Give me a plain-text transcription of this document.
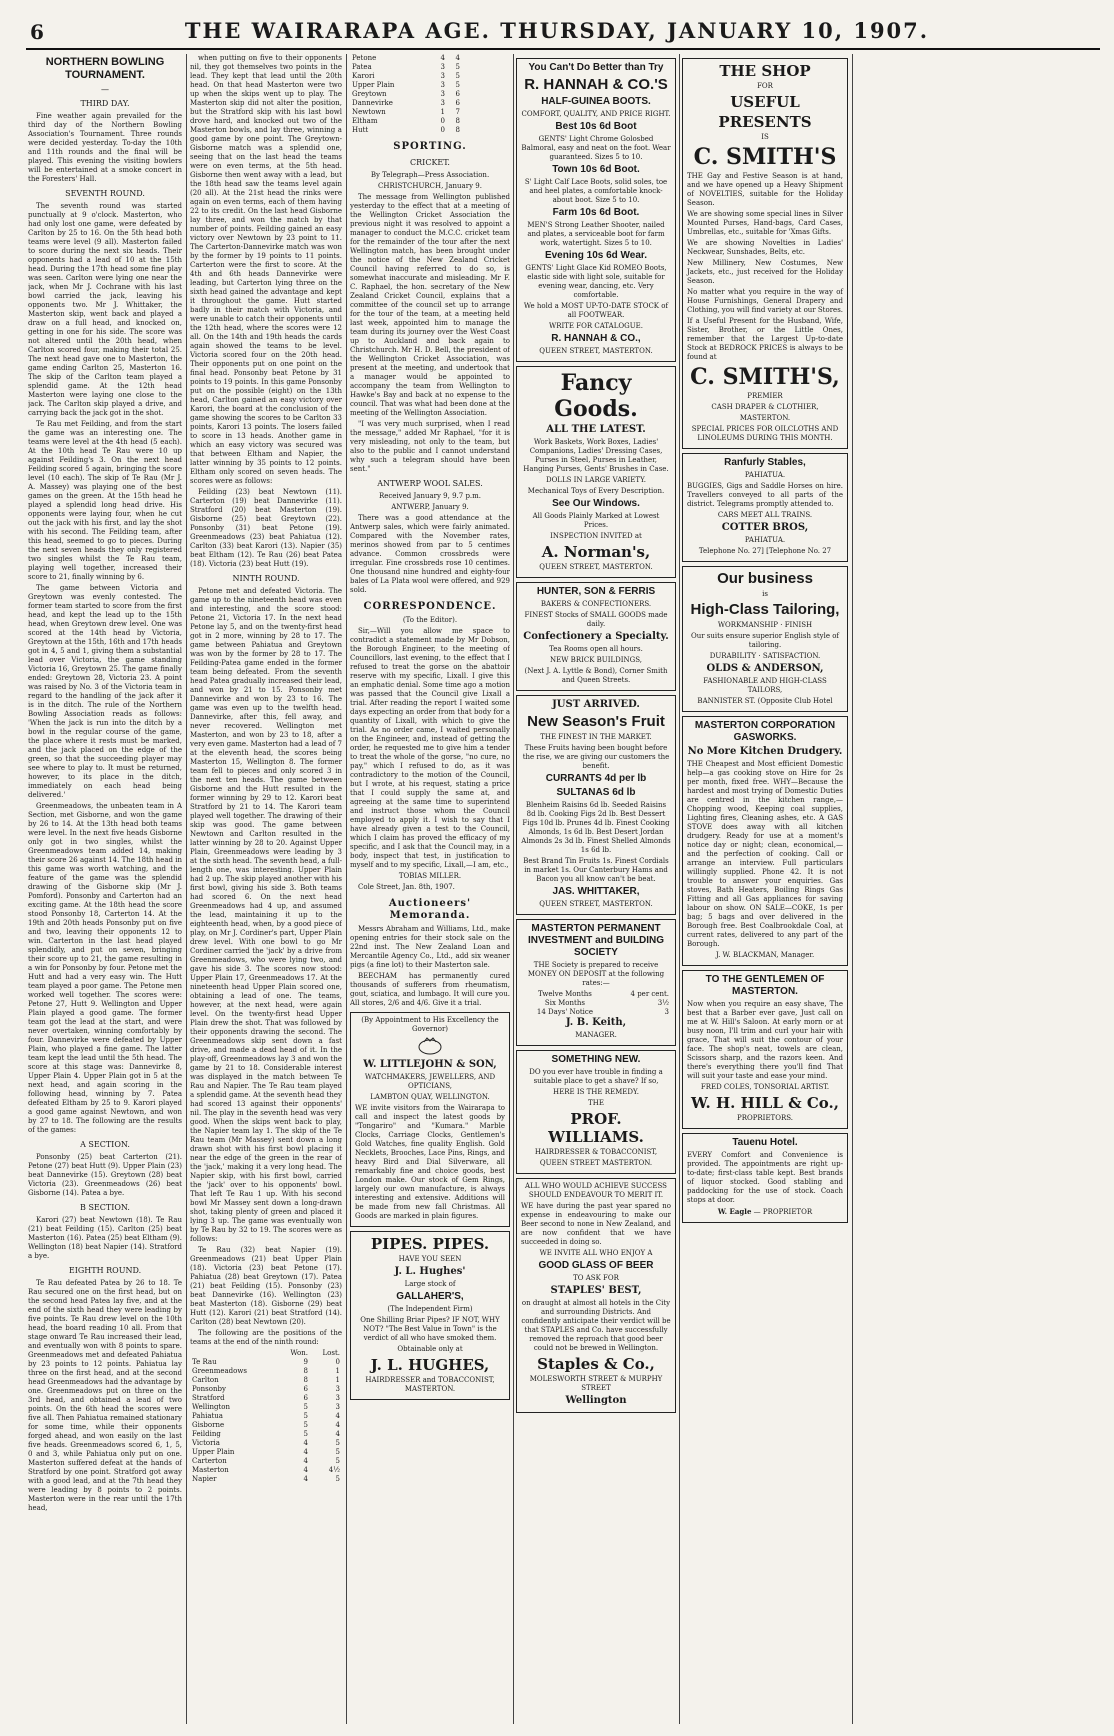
6	THE WAIRARAPA AGE. THURSDAY, JANUARY 10, 1907.
NORTHERN BOWLING
TOURNAMENT.
—
THIRD DAY.

Fine weather again prevailed for the third day of the Northern Bowling Association's Tournament. Three rounds were decided yesterday. To-day the 10th and 11th rounds and the final will be played. This evening the visiting bowlers will be entertained at a smoke concert in the Foresters' Hall.

SEVENTH ROUND.

The seventh round was started punctually at 9 o'clock. Masterton, who had only lost one game, were defeated by Carlton by 25 to 16. On the 5th head both teams were level (9 all). Masterton failed to score during the next six heads. Their opponents had a lead of 10 at the 15th head. During the 17th head some fine play was seen. Carlton were lying one near the jack, when Mr J. Cochrane with his last bowl carried the jack, leaving his opponents two. Mr J. Whittaker, the Masterton skip, went back and played a draw on a full head, and knocked on, getting in one for his side. The score was not altered until the 20th head, when Carlton scored four, making their total 25. The next head gave one to Masterton, the game ending Carlton 25, Masterton 16. The skip of the Carlton team played a splendid game. At the 12th head Masterton were laying one close to the jack. The Carlton skip played a drive, and carrying back the jack got in the shot.

Te Rau met Feilding, and from the start the game was an interesting one. The teams were level at the 4th head (5 each). At the 10th head Te Rau were 10 up against Feilding's 3. On the next head Feilding scored 5 again, bringing the score level (10 each). The skip of Te Rau (Mr J. A. Massey) was playing one of the best games on the green. At the 15th head he played a splendid long head drive. His opponents were laying four, when he cut out the jack with his first, and lay the shot with his second. The Feilding team, after this head, seemed to go to pieces. During the next seven heads they only registered two singles whilst the Te Rau team, playing well together, increased their score to 21, finally winning by 6.

The game between Victoria and Greytown was evenly contested. The former team started to score from the first head, and kept the lead up to the 15th head, when Greytown drew level. One was scored at the 14th head by Victoria, Greytown at the 15th, 16th and 17th heads got in 4, 5 and 1, giving them a substantial lead over Victoria, the game standing Victoria 16, Greytown 25. The game finally ended: Greytown 28, Victoria 23. A point was raised by No. 3 of the Victoria team in regard to the handling of the jack after it is in the ditch. The rule of the Northern Bowling Association reads as follows: 'When the jack is run into the ditch by a bowl in the regular course of the game, the place where it rests must be marked, and the jack placed on the edge of the green, so that the succeeding player may see where to play to. It must be returned, however, to its place in the ditch, immediately on each head being delivered.'

Greenmeadows, the unbeaten team in A Section, met Gisborne, and won the game by 26 to 14. At the 13th head both teams were level. In the next five heads Gisborne only got in two singles, whilst the Greenmeadows team added 14, making their score 26 against 14. The 18th head in this game was worth watching, and the feature of the game was the splendid drawing of the Gisborne skip (Mr J. Pomford). Ponsonby and Carterton had an exciting game. At the 18th head the score stood Ponsonby 18, Carterton 14. At the 19th and 20th heads Ponsonby put on five and two, leaving their opponents 12 to win. Carterton in the last head played splendidly, and put on seven, bringing their score up to 21, the game resulting in a win for Ponsonby by four. Petone met the Hutt and had a very easy win. The Hutt team played a poor game. The Petone men worked well together. The scores were: Petone 27, Hutt 9. Wellington and Upper Plain played a good game. The former team got the lead at the start, and were never overtaken, winning comfortably by four. Dannevirke were defeated by Upper Plain, who played a fine game. The latter team kept the lead until the 5th head. The score at this stage was: Dannevirke 8, Upper Plain 4. Upper Plain got in 5 at the next head, and again scoring in the following head, winning by 7. Patea defeated Eltham by 25 to 9. Karori played a good game against Newtown, and won by 27 to 18. The following are the results of the games:

A SECTION.

Ponsonby (25) beat Carterton (21). Petone (27) beat Hutt (9). Upper Plain (23) beat Dannevirke (15). Greytown (28) beat Victoria (23). Greenmeadows (26) beat Gisborne (14). Patea a bye.

B SECTION.

Karori (27) beat Newtown (18). Te Rau (21) beat Feilding (15). Carlton (25) beat Masterton (16). Patea (25) beat Eltham (9). Wellington (18) beat Napier (14). Stratford a bye.

EIGHTH ROUND.

Te Rau defeated Patea by 26 to 18. Te Rau secured one on the first head, but on the second head Patea lay five, and at the end of the sixth head they were leading by five points. Te Rau drew level on the 10th head, the board reading 10 all. From that stage onward Te Rau increased their lead, and eventually won with 8 points to spare. Greenmeadows met and defeated Pahiatua by 23 points to 12 points. Pahiatua lay three on the first head, and at the second head Greenmeadows had the advantage by one. Greenmeadows put on three on the 3rd head, and obtained a lead of two points. On the 6th head the scores were five all. Then Pahiatua remained stationary for some time, while their opponents forged ahead, and won easily on the last five heads. Greenmeadows scored 6, 1, 5, 0 and 3, while Pahiatua only put on one. Masterton suffered defeat at the hands of Stratford by one point. Stratford got away with a good lead, and at the 7th head they were leading by 8 points to 2 points. Masterton were in the rear until the 17th head,

when putting on five to their opponents nil, they got themselves two points in the lead. They kept that lead until the 20th head. On that head Masterton were two up when the skips went up to play. The Masterton skip did not alter the position, but the Stratford skip with his last bowl drove hard, and knocked out two of the Masterton bowls, and lay three, winning a good game by one point. The Greytown-Gisborne match was a splendid one, seeing that on the last head the teams were on even terms, at the 5th head. Gisborne then went away with a lead, but the 18th head saw the teams level again (20 all). At the 21st head the rinks were again on even terms, each of them having 22 to its credit. On the last head Gisborne lay three, and won the match by that number of points. Feilding gained an easy victory over Newtown by 23 point to 11. The Carterton-Dannevirke match was won by the former by 19 points to 11 points. Carterton were the first to score. At the 4th and 6th heads Dannevirke were leading, but Carterton lying three on the sixth head gained the advantage and kept it throughout the game. Hutt started badly in their match with Victoria, and were unable to catch their opponents until the 12th head, where the scores were 12 all. On the 14th and 19th heads the cards again showed the teams to be level. Victoria scored four on the 20th head. Their opponents put on one point on the final head. Ponsonby beat Petone by 31 points to 19 points. In this game Ponsonby put on the possible (eight) on the 13th head, Carlton gained an easy victory over Karori, the board at the conclusion of the game showing the scores to be Carlton 33 points, Karori 13 points. The losers failed to score in 13 heads. Another game in which an easy victory was secured was that between Eltham and Napier, the latter winning by 35 points to 12 points. Eltham only scored on seven heads. The scores were as follows:

Feilding (23) beat Newtown (11). Carterton (19) beat Dannevirke (11). Stratford (20) beat Masterton (19). Gisborne (25) beat Greytown (22). Ponsonby (31) beat Petone (19). Greenmeadows (23) beat Pahiatua (12). Carlton (33) beat Karori (13). Napier (35) beat Eltham (12). Te Rau (26) beat Patea (18). Victoria (23) beat Hutt (19).

NINTH ROUND.

Petone met and defeated Victoria. The game up to the nineteenth head was even and interesting, and the score stood: Petone 21, Victoria 17. In the next head Petone lay 5, and on the twenty-first head got in 2 more, winning by 28 to 17. The game between Pahiatua and Greytown was won by the former by 28 to 17. The Feilding-Patea game ended in the former team being defeated. From the seventh head Patea gradually increased their lead, and won by 21 to 15. Ponsonby met Dannevirke and won by 23 to 16. The game was even up to the twelfth head. Dannevirke, after this, fell away, and never recovered. Wellington met Masterton, and won by 23 to 18, after a very even game. Masterton had a lead of 7 at the eleventh head, the scores being Masterton 15, Wellington 8. The former team fell to pieces and only scored 3 in the next ten heads. The game between Gisborne and the Hutt resulted in the former winning by 29 to 12. Karori beat Stratford by 21 to 14. The Karori team played well together. The drawing of their skip was good. The game between Newtown and Carlton resulted in the latter winning by 28 to 20. Against Upper Plain, Greenmeadows were leading by 3 at the sixth head. The seventh head, a full-length one, was interesting. Upper Plain had 2 up. The skip played another with his first bowl, giving his side 3. Both teams had scored 6. On the next head Greenmeadows had 4 up, and assumed the lead, maintaining it up to the eighteenth head, when, by a good piece of play, on Mr J. Cordiner's part, Upper Plain drew level. With one bowl to go Mr Cordiner carried the 'jack' by a drive from Greenmeadows, who were lying two, and gave his side 3. The scores now stood: Upper Plain 17, Greenmeadows 17. At the nineteenth head Upper Plain scored one, obtaining a lead of one. The teams, however, at the next head, were again level. On the twenty-first head Upper Plain drew the shot. That was followed by their opponents drawing the second. The Greenmeadows skip sent down a fast drive, and made a dead head of it. In the play-off, Greenmeadows lay 3 and won the game by 21 to 18. Considerable interest was displayed in the match between Te Rau and Napier. The Te Rau team played a splendid game. At the seventh head they had scored 13 against their opponents' nil. The play in the seventh head was very good. When the skips went back to play, the Napier team lay 1. The skip of the Te Rau team (Mr Massey) sent down a long drawn shot with his first bowl placing it near the edge of the green in the rear of the 'jack,' making it a very long head. The Napier skip, with his first bowl, carried the 'jack' over to his opponents' bowl. That left Te Rau 1 up. With his second bowl Mr Massey sent down a long-drawn shot, taking plenty of green and placed it lying 3 up. The game was eventually won by Te Rau by 32 to 19. The scores were as follows:

Te Rau (32) beat Napier (19). Greenmeadows (21) beat Upper Plain (18). Victoria (23) beat Petone (17). Pahiatua (28) beat Greytown (17). Patea (21) beat Feilding (15). Ponsonby (23) beat Dannevirke (16). Wellington (23) beat Masterton (18). Gisborne (29) beat Hutt (12). Karori (21) beat Stratford (14). Carlton (28) beat Newtown (20).

The following are the positions of the teams at the end of the ninth round:

	Won.	Lost.
Te Rau	9	0
Greenmeadows	8	1
Carlton	8	1
Ponsonby	6	3
Stratford	6	3
Wellington	5	3
Pahiatua	5	4
Gisborne	5	4
Feilding	5	4
Victoria	4	5
Upper Plain	4	5
Carterton	4	5
Masterton	4	4½
Napier	4	5
Petone	4	4
Patea	3	5
Karori	3	5
Upper Plain	3	5
Greytown	3	6
Dannevirke	3	6
Newtown	1	7
Eltham	0	8
Hutt	0	8
SPORTING.
CRICKET.

By Telegraph—Press Association.

CHRISTCHURCH, January 9.

The message from Wellington published yesterday to the effect that at a meeting of the Wellington Cricket Association the previous night it was resolved to appoint a manager to conduct the M.C.C. cricket team for the remainder of the tour after the next Wellington match, has been brought under the notice of the New Zealand Cricket Council having referred to do so, is somewhat inaccurate and misleading. Mr F. C. Raphael, the hon. secretary of the New Zealand Cricket Council, explains that a committee of the council set up to arrange for the tour of the team, at a meeting held last week, appointed him to manage the team during its journey over the West Coast up to Auckland and back again to Christchurch. Mr H. D. Bell, the president of the Wellington Cricket Association, was present at the meeting, and undertook that a manager would be appointed to accompany the team from Wellington to Hawke's Bay and back at no expense to the council. That was what had been done at the meeting of the Wellington Association.

"I was very much surprised, when I read the message," added Mr Raphael, "for it is very misleading, not only to the team, but also to the public and I cannot understand why such a telegram should have been sent."

ANTWERP WOOL SALES.

Received January 9, 9.7 p.m.

ANTWERP, January 9.

There was a good attendance at the Antwerp sales, which were fairly animated. Compared with the November rates, merinos showed from par to 5 centimes advance. Common crossbreds were irregular. Fine crossbreds rose 10 centimes. One thousand nine hundred and eighty-four bales of La Plata wool were offered, and 929 sold.

CORRESPONDENCE.

(To the Editor).

Sir,—Will you allow me space to contradict a statement made by Mr Dobson, the Borough Engineer, to the meeting of Councillors, last evening, to the effect that I refused to treat the gorse on the abattoir reserve with my specific, Lixall. I give this an emphatic denial. Some time ago a motion was passed that the Council give Lixall a trial. After reading the report I waited some days expecting an order from that body for a quantity of Lixall, with which to give the trial. As no order came, I waited personally on the Engineer, and, instead of getting the order, he requested me to give him a tender to treat the whole of the gorse, "no cure, no pay," which I refused to do, as it was contradictory to the motion of the Council, but I wrote, at his request, stating a price that I could supply the same at, and agreeing at the same time to superintend and instruct those whom the Council employed to apply it. I wish to say that I have already given a test to the Council, which I claim has proved the efficacy of my specific, and I ask that the Council may, in a body, inspect that test, in justification to myself and to my specific, Lixall,—I am, etc.,

TOBIAS MILLER.

Cole Street, Jan. 8th, 1907.

Auctioneers' Memoranda.

Messrs Abraham and Williams, Ltd., make opening entries for their stock sale on the 22nd inst. The New Zealand Loan and Mercantile Agency Co., Ltd., add six weaner pigs (a fine lot) to their Masterton sale.

BEECHAM has permanently cured thousands of sufferers from rheumatism, gout, sciatica, and lumbago. It will cure you. All stores, 2/6 and 4/6. Give it a trial.

(By Appointment to His Excellency the Governor)

W. LITTLEJOHN & SON,

WATCHMAKERS, JEWELLERS, AND OPTICIANS,

LAMBTON QUAY, WELLINGTON.

WE invite visitors from the Wairarapa to call and inspect the latest goods by "Tongariro" and "Kumara." Marble Clocks, Carriage Clocks, Gentlemen's Gold Watches, fine quality English. Gold Necklets, Brooches, Lace Pins, Rings, and heavy Bird and Dial Silverware, all remarkably fine and choice goods, best London make. Our stock of Gem Rings, largely our own manufacture, is always interesting and extensive. Additions will be made from new fall Christmas. All Goods are marked in plain figures.

PIPES. PIPES.

HAVE YOU SEEN

J. L. Hughes'

Large stock of

GALLAHER'S,

(The Independent Firm)

One Shilling Briar Pipes? IF NOT, WHY NOT? "The Best Value in Town" is the verdict of all who have smoked them.

Obtainable only at

J. L. HUGHES,

HAIRDRESSER and TOBACCONIST, MASTERTON.

You Can't Do Better than Try

R. HANNAH & CO.'S

HALF-GUINEA BOOTS.

COMFORT, QUALITY, AND PRICE RIGHT.

Best 10s 6d Boot

GENTS' Light Chrome Golosbed Balmoral, easy and neat on the foot. Wear guaranteed. Sizes 5 to 10.

Town 10s 6d Boot.

S' Light Calf Lace Boots, solid soles, toe and heel plates, a comfortable knock-about boot. Size 5 to 10.

Farm 10s 6d Boot.

MEN'S Strong Leather Shooter, nailed and plates, a serviceable boot for farm work, watertight. Sizes 5 to 10.

Evening 10s 6d Wear.

GENTS' Light Glace Kid ROMEO Boots, elastic side with light sole, suitable for evening wear, dancing, etc. Very comfortable.

We hold a MOST UP-TO-DATE STOCK of all FOOTWEAR.

WRITE FOR CATALOGUE.

R. HANNAH & CO.,

QUEEN STREET, MASTERTON.

Fancy Goods.

ALL THE LATEST.

Work Baskets, Work Boxes, Ladies' Companions, Ladies' Dressing Cases, Purses in Steel, Purses in Leather, Hanging Purses, Gents' Brushes in Case.

DOLLS IN LARGE VARIETY.

Mechanical Toys of Every Description.

See Our Windows.

All Goods Plainly Marked at Lowest Prices.

INSPECTION INVITED at

A. Norman's,

QUEEN STREET, MASTERTON.

HUNTER, SON & FERRIS

BAKERS & CONFECTIONERS.

FINEST Stocks of SMALL GOODS made daily.

Confectionery a Specialty.

Tea Rooms open all hours.

NEW BRICK BUILDINGS,

(Next J. A. Lyttle & Bond), Corner Smith and Queen Streets.

JUST ARRIVED.

New Season's Fruit

THE FINEST IN THE MARKET.

These Fruits having been bought before the rise, we are giving our customers the benefit.

CURRANTS 4d per lb

SULTANAS 6d lb

Blenheim Raisins 6d lb. Seeded Raisins 8d lb. Cooking Figs 2d lb. Best Dessert Figs 10d lb. Prunes 4d lb. Finest Cooking Almonds, 1s 6d lb. Best Desert Jordan Almonds 2s 3d lb. Finest Shelled Almonds 1s 6d lb.

Best Brand Tin Fruits 1s. Finest Cordials in market 1s. Our Canterbury Hams and Bacon you all know can't be beat.

JAS. WHITTAKER,

QUEEN STREET, MASTERTON.

MASTERTON PERMANENT INVESTMENT and BUILDING SOCIETY

THE Society is prepared to receive MONEY ON DEPOSIT at the following rates:—

Twelve Months	4 per cent.
Six Months	3½
14 Days' Notice	3

J. B. Keith,

MANAGER.

SOMETHING NEW.

DO you ever have trouble in finding a suitable place to get a shave? If so,

HERE IS THE REMEDY.

THE

PROF. WILLIAMS.

HAIRDRESSER & TOBACCONIST,

QUEEN STREET MASTERTON.

ALL WHO WOULD ACHIEVE SUCCESS SHOULD ENDEAVOUR TO MERIT IT.

WE have during the past year spared no expense in endeavouring to make our Beer second to none in New Zealand, and are now confident that we have succeeded in doing so.

WE INVITE ALL WHO ENJOY A

GOOD GLASS OF BEER

TO ASK FOR

STAPLES' BEST,

on draught at almost all hotels in the City and surrounding Districts. And confidently anticipate their verdict will be that STAPLES and Co. have successfully removed the reproach that good beer could not be brewed in Wellington.

Staples & Co.,

MOLESWORTH STREET & MURPHY STREET

Wellington

THE SHOP

FOR

USEFUL

PRESENTS

IS

C. SMITH'S

THE Gay and Festive Season is at hand, and we have opened up a Heavy Shipment of NOVELTIES, suitable for the Holiday Season.

We are showing some special lines in Silver Mounted Purses, Hand-bags, Card Cases, Umbrellas, etc., suitable for 'Xmas Gifts.

We are showing Novelties in Ladies' Neckwear, Sunshades, Belts, etc.

New Millinery, New Costumes, New Jackets, etc., just received for the Holiday Season.

No matter what you require in the way of House Furnishings, General Drapery and Clothing, you will find variety at our Stores.

If a Useful Present for the Husband, Wife, Sister, Brother, or the Little Ones, remember that the Largest Up-to-date Stock at BEDROCK PRICES is always to be found at

C. SMITH'S,

PREMIER

CASH DRAPER & CLOTHIER,

MASTERTON.

SPECIAL PRICES FOR OILCLOTHS AND LINOLEUMS DURING THIS MONTH.

Ranfurly Stables,

PAHIATUA.

BUGGIES, Gigs and Saddle Horses on hire. Travellers conveyed to all parts of the district. Telegrams promptly attended to.

CARS MEET ALL TRAINS.

COTTER BROS,

PAHIATUA.

Telephone No. 27] [Telephone No. 27

Our business

is

High-Class Tailoring,

WORKMANSHIP · FINISH

Our suits ensure superior English style of tailoring.

DURABILITY · SATISFACTION.

OLDS & ANDERSON,

FASHIONABLE AND HIGH-CLASS TAILORS,

BANNISTER ST. (Opposite Club Hotel

MASTERTON CORPORATION GASWORKS.

No More Kitchen Drudgery.

THE Cheapest and Most efficient Domestic help—a gas cooking stove on Hire for 2s per month, fixed free. WHY—Because the hardest and most trying of Domestic Duties are centred in the kitchen range,—Chopping wood, Keeping coal supplies, Lighting fires, Cleaning ashes, etc. A GAS STOVE does away with all kitchen drudgery. Ready for use at a moment's notice day or night; clean, economical,—and the perfection of cooking. Call or arrange an interview. Full particulars willingly supplied. Phone 42. It is not trouble to answer your enquiries. Gas stoves, Bath Heaters, Boiling Rings Gas Fitting and all Gas appliances for saving labour on show. ON SALE—COKE, 1s per bag; 5 bags and over delivered in the Borough free. Best Coalbrookdale Coal, at current rates, delivered to any part of the Borough.

J. W. BLACKMAN, Manager.

TO THE GENTLEMEN OF MASTERTON.

Now when you require an easy shave, The best that a Barber ever gave, Just call on me at W. Hill's Saloon. At early morn or at busy noon, I'll trim and curl your hair with grace, That will suit the contour of your face. The shop's neat, towels are clean, Scissors sharp, and the razors keen. And there's everything there you'll find That will suit your taste and ease your mind.

FRED COLES, TONSORIAL ARTIST.

W. H. HILL & Co.,

PROPRIETORS.

Tauenu Hotel.

EVERY Comfort and Convenience is provided. The appointments are right up-to-date; first-class table kept. Best brands of liquor stocked. Good stabling and paddocking for the use of stock. Coach stops at door.

W. Eagle — PROPRIETOR
